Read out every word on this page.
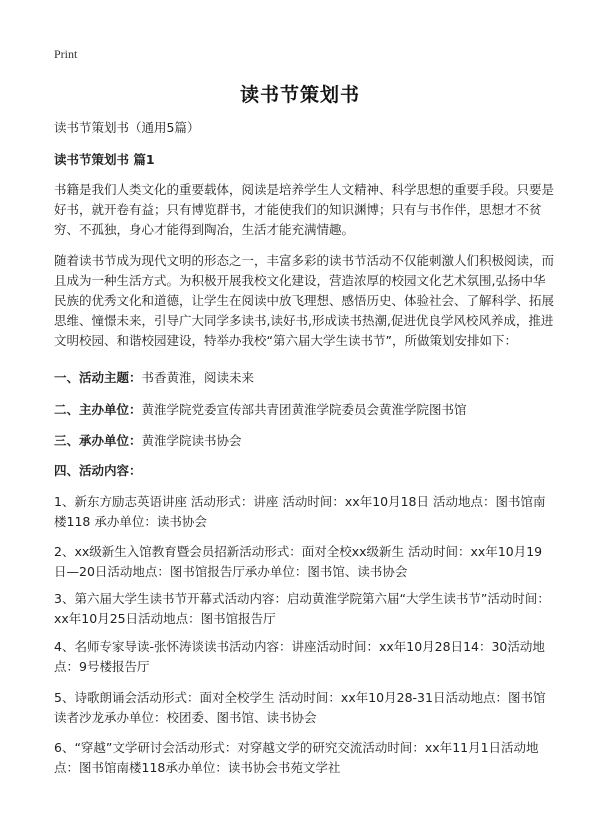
Print
读书节策划书

读书节策划书（通用5篇）

读书节策划书 篇1

书籍是我们人类文化的重要载体，阅读是培养学生人文精神、科学思想的重要手段。只要是好书，就开卷有益；只有博览群书，才能使我们的知识渊博；只有与书作伴，思想才不贫穷、不孤独，身心才能得到陶冶，生活才能充满情趣。

随着读书节成为现代文明的形态之一，丰富多彩的读书节活动不仅能刺激人们积极阅读，而且成为一种生活方式。为积极开展我校文化建设，营造浓厚的校园文化艺术氛围,弘扬中华民族的优秀文化和道德，让学生在阅读中放飞理想、感悟历史、体验社会、了解科学、拓展思维、憧憬未来，引导广大同学多读书,读好书,形成读书热潮,促进优良学风校风养成，推进文明校园、和谐校园建设，特举办我校“第六届大学生读书节”，所做策划安排如下：

一、活动主题：书香黄淮，阅读未来
二、主办单位：黄淮学院党委宣传部共青团黄淮学院委员会黄淮学院图书馆
三、承办单位：黄淮学院读书协会
四、活动内容：

1、新东方励志英语讲座 活动形式：讲座 活动时间：xx年10月18日 活动地点：图书馆南楼118 承办单位：读书协会

2、xx级新生入馆教育暨会员招新活动形式：面对全校xx级新生 活动时间：xx年10月19日—20日活动地点：图书馆报告厅承办单位：图书馆、读书协会

3、第六届大学生读书节开幕式活动内容：启动黄淮学院第六届“大学生读书节”活动时间：xx年10月25日活动地点：图书馆报告厅

4、名师专家导读-张怀涛谈读书活动内容：讲座活动时间：xx年10月28日14：30活动地点：9号楼报告厅

5、诗歌朗诵会活动形式：面对全校学生 活动时间：xx年10月28-31日活动地点：图书馆读者沙龙承办单位：校团委、图书馆、读书协会

6、“穿越”文学研讨会活动形式：对穿越文学的研究交流活动时间：xx年11月1日活动地点：图书馆南楼118承办单位：读书协会书苑文学社
